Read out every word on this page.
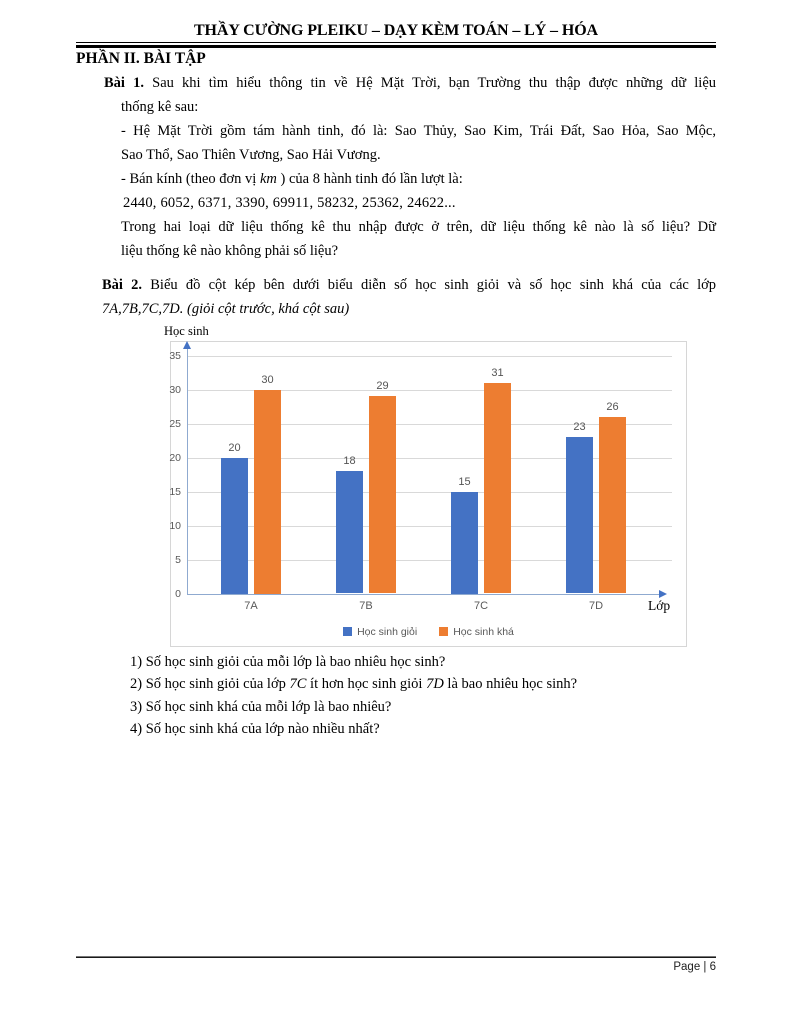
THẦY CƯỜNG PLEIKU – DẠY KÈM TOÁN – LÝ – HÓA
PHẦN II. BÀI TẬP
Bài 1. Sau khi tìm hiểu thông tin về Hệ Mặt Trời, bạn Trường thu thập được những dữ liệu
thống kê sau:
- Hệ Mặt Trời gồm tám hành tinh, đó là: Sao Thủy, Sao Kim, Trái Đất, Sao Hỏa, Sao Mộc,
Sao Thổ, Sao Thiên Vương, Sao Hải Vương.
- Bán kính (theo đơn vị km ) của 8 hành tinh đó lần lượt là:
2440, 6052, 6371, 3390, 69911, 58232, 25362, 24622...
Trong hai loại dữ liệu thống kê thu nhập được ở trên, dữ liệu thống kê nào là số liệu? Dữ
liệu thống kê nào không phải số liệu?
Bài 2. Biểu đồ cột kép bên dưới biểu diễn số học sinh giỏi và số học sinh khá của các lớp
7A,7B,7C,7D. (giỏi cột trước, khá cột sau)
Học sinh
Lớp
Học sinh giỏi	Học sinh khá
0
5
10
15
20
25
30
35
20
30
7A
18
29
7B
15
31
7C
23
26
7D
1) Số học sinh giỏi của mỗi lớp là bao nhiêu học sinh?
2) Số học sinh giỏi của lớp 7C ít hơn học sinh giỏi 7D là bao nhiêu học sinh?
3) Số học sinh khá của mỗi lớp là bao nhiêu?
4) Số học sinh khá của lớp nào nhiều nhất?
Page | 6
